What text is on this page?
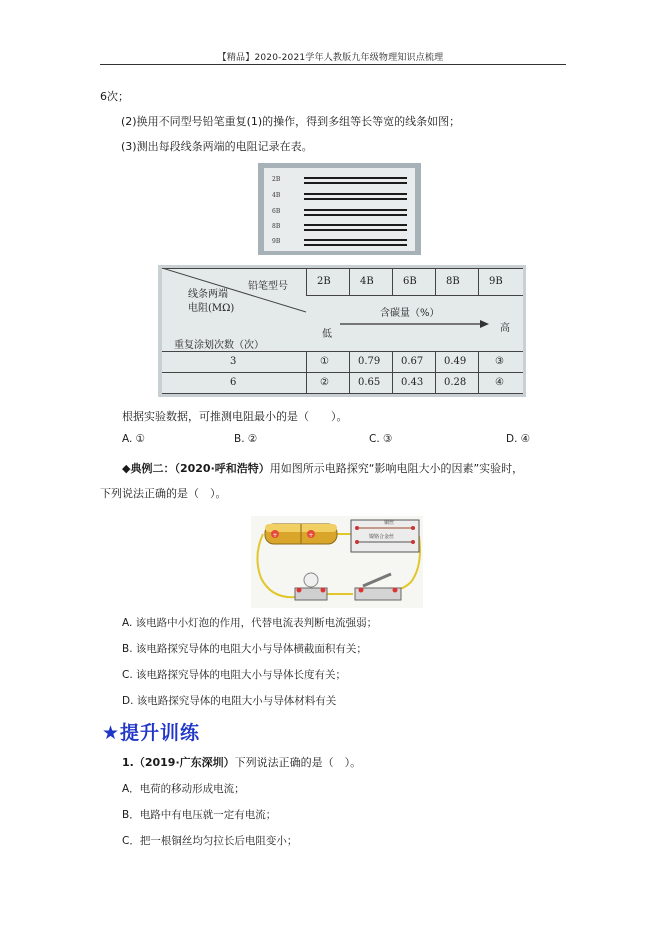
【精品】2020-2021学年人教版九年级物理知识点梳理
6次；
(2)换用不同型号铅笔重复(1)的操作，得到多组等长等宽的线条如图；
(3)测出每段线条两端的电阻记录在表。
2B
4B
6B
8B
9B
铅笔型号
线条两端
电阻(MΩ)
重复涂划次数（次）
2B	4B	6B	8B	9B
含碳量（%）
低
高
3	①	0.79 0.67 0.49	③
6	②	0.65 0.43 0.28	④
根据实验数据，可推测电阻最小的是（　　）。
A. ①	B. ②	C. ③	D. ④
◆典例二：（2020·呼和浩特）用如图所示电路探究“影响电阻大小的因素”实验时，
下列说法正确的是（　）。
+	+
铜丝
镍铬合金丝
A. 该电路中小灯泡的作用，代替电流表判断电流强弱；
B. 该电路探究导体的电阻大小与导体横截面积有关；
C. 该电路探究导体的电阻大小与导体长度有关；
D. 该电路探究导体的电阻大小与导体材料有关
★提升训练
1.（2019·广东深圳）下列说法正确的是（　）。
A．电荷的移动形成电流；
B．电路中有电压就一定有电流；
C．把一根铜丝均匀拉长后电阻变小；
